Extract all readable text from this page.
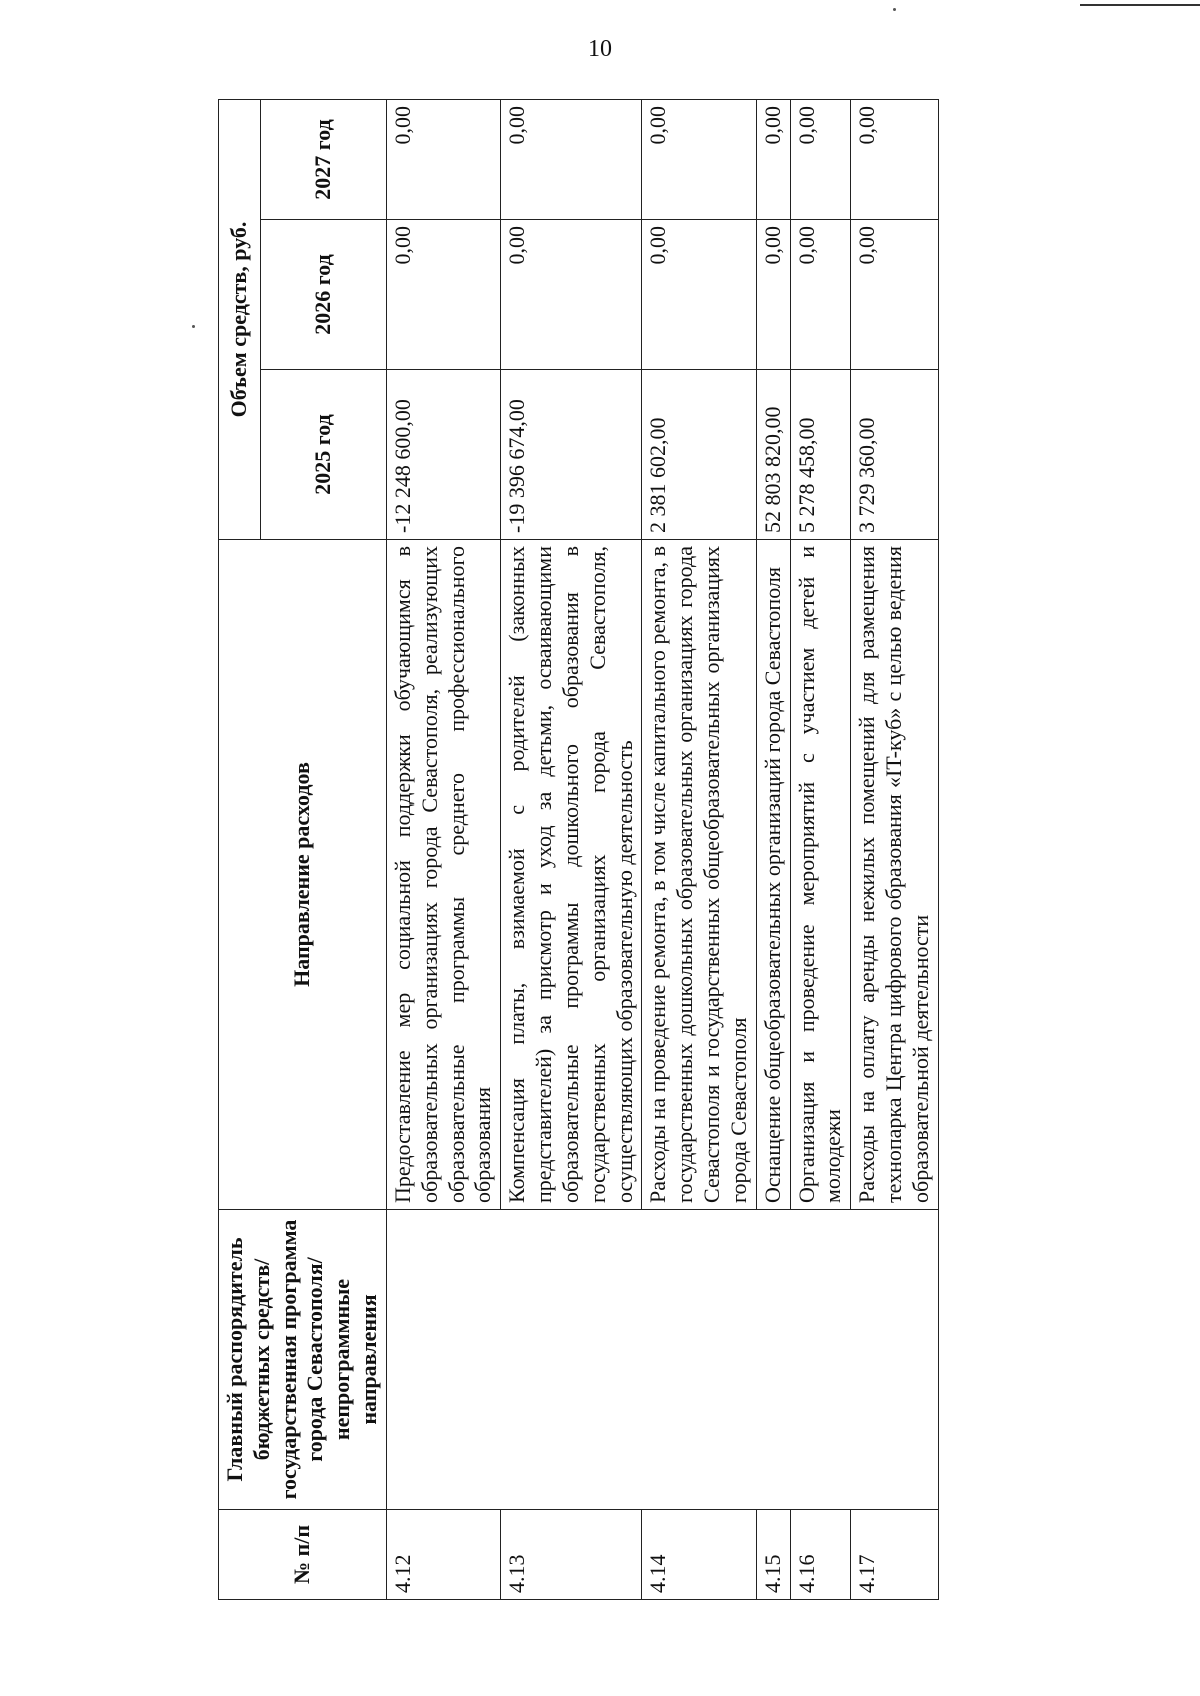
10
№ п/п	Главный распорядитель бюджетных средств/государственная программа города Севастополя/непрограммные направления	Направление расходов	Объем средств, руб.		
			2025 год	2026 год	2027 год
4.12		Предоставление мер социальной поддержки обучающимся в образовательных организациях города Севастополя, реализующих образовательные программы среднего профессионального образования	-12 248 600,00	0,00	0,00
4.13		Компенсация платы, взимаемой с родителей (законных представителей) за присмотр и уход за детьми, осваивающими образовательные программы дошкольного образования в государственных организациях города Севастополя, осуществляющих образовательную деятельность	-19 396 674,00	0,00	0,00
4.14		Расходы на проведение ремонта, в том числе капитального ремонта, в государственных дошкольных образовательных организациях города Севастополя и государственных общеобразовательных организациях города Севастополя	2 381 602,00	0,00	0,00
4.15		Оснащение общеобразовательных организаций города Севастополя	52 803 820,00	0,00	0,00
4.16		Организация и проведение мероприятий с участием детей и молодежи	5 278 458,00	0,00	0,00
4.17		Расходы на оплату аренды нежилых помещений для размещения технопарка Центра цифрового образования «IT-куб» с целью ведения образовательной деятельности	3 729 360,00	0,00	0,00
